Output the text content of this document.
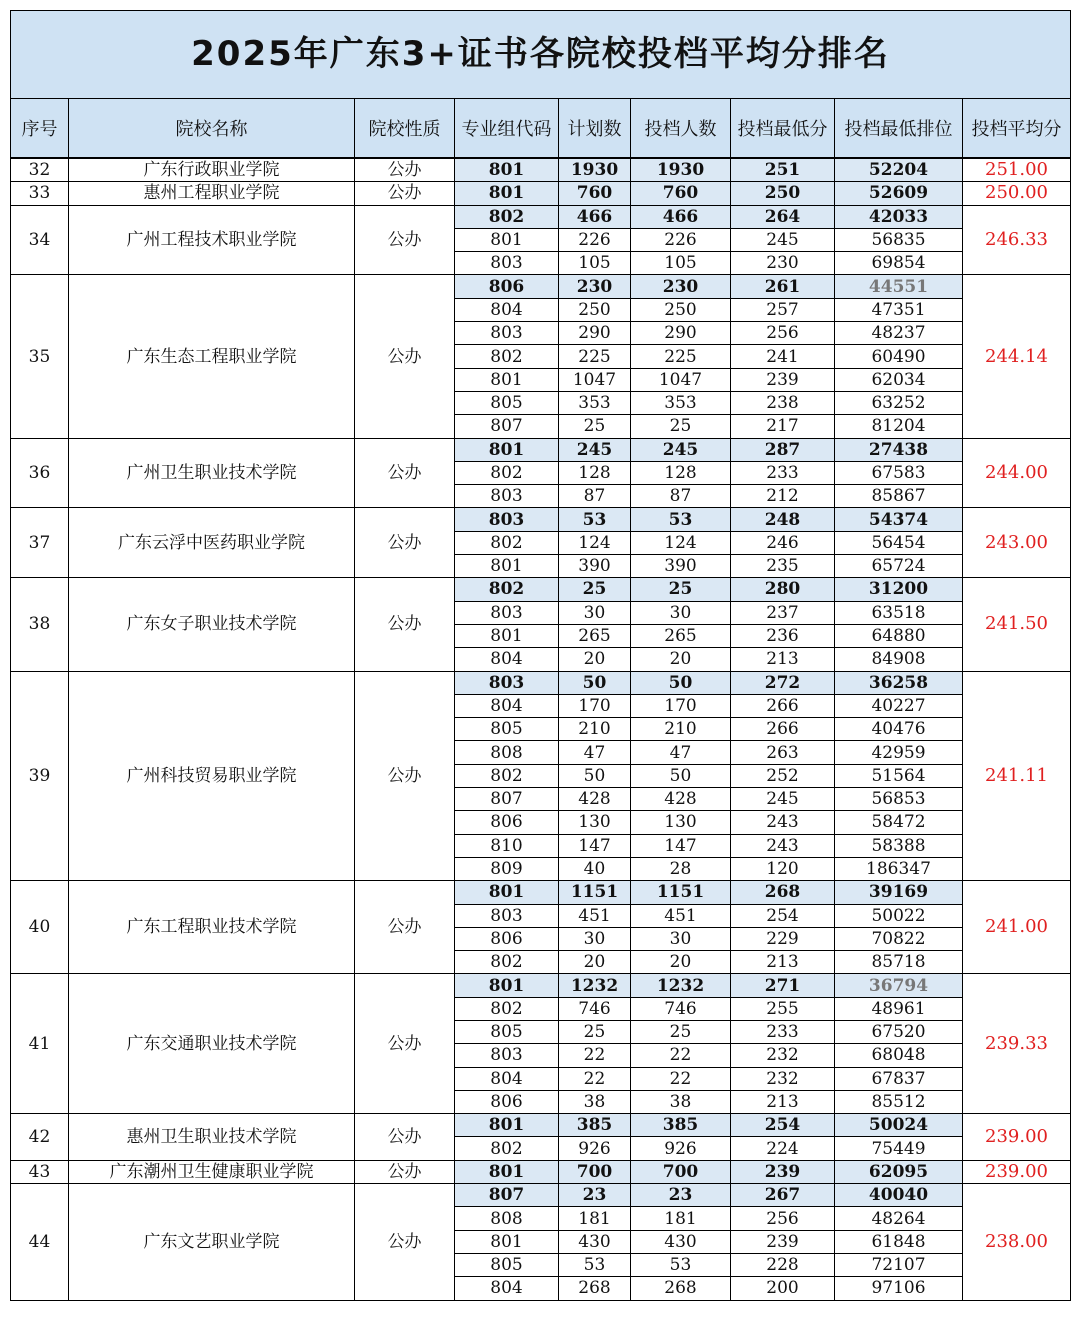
2025年广东3+证书各院校投档平均分排名								

序号	院校名称	院校性质	专业组代码	计划数	投档人数	投档最低分	投档最低排位	投档平均分
32	广东行政职业学院	公办	801	1930	1930	251	52204	251.00
33	惠州工程职业学院	公办	801	760	760	250	52609	250.00
34	广州工程技术职业学院	公办	802	466	466	264	42033	246.33
			801	226	226	245	56835	
			803	105	105	230	69854	
35	广东生态工程职业学院	公办	806	230	230	261	44551	244.14
			804	250	250	257	47351	
			803	290	290	256	48237	
			802	225	225	241	60490	
			801	1047	1047	239	62034	
			805	353	353	238	63252	
			807	25	25	217	81204	
36	广州卫生职业技术学院	公办	801	245	245	287	27438	244.00
			802	128	128	233	67583	
			803	87	87	212	85867	
37	广东云浮中医药职业学院	公办	803	53	53	248	54374	243.00
			802	124	124	246	56454	
			801	390	390	235	65724	
38	广东女子职业技术学院	公办	802	25	25	280	31200	241.50
			803	30	30	237	63518	
			801	265	265	236	64880	
			804	20	20	213	84908	
39	广州科技贸易职业学院	公办	803	50	50	272	36258	241.11
			804	170	170	266	40227	
			805	210	210	266	40476	
			808	47	47	263	42959	
			802	50	50	252	51564	
			807	428	428	245	56853	
			806	130	130	243	58472	
			810	147	147	243	58388	
			809	40	28	120	186347	
40	广东工程职业技术学院	公办	801	1151	1151	268	39169	241.00
			803	451	451	254	50022	
			806	30	30	229	70822	
			802	20	20	213	85718	
41	广东交通职业技术学院	公办	801	1232	1232	271	36794	239.33
			802	746	746	255	48961	
			805	25	25	233	67520	
			803	22	22	232	68048	
			804	22	22	232	67837	
			806	38	38	213	85512	
42	惠州卫生职业技术学院	公办	801	385	385	254	50024	239.00
			802	926	926	224	75449	
43	广东潮州卫生健康职业学院	公办	801	700	700	239	62095	239.00
44	广东文艺职业学院	公办	807	23	23	267	40040	238.00
			808	181	181	256	48264	
			801	430	430	239	61848	
			805	53	53	228	72107	
			804	268	268	200	97106	
